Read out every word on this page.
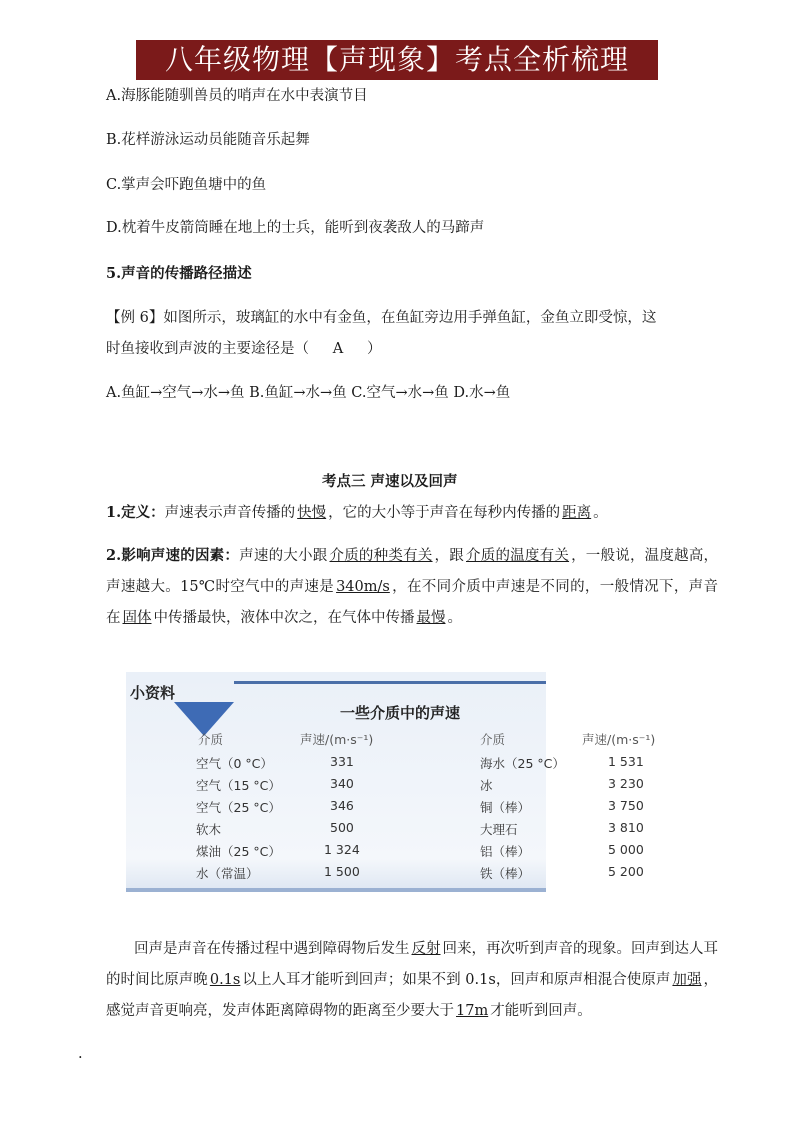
八年级物理【声现象】考点全析梳理
A.海豚能随驯兽员的哨声在水中表演节目
B.花样游泳运动员能随音乐起舞
C.掌声会吓跑鱼塘中的鱼
D.枕着牛皮箭筒睡在地上的士兵，能听到夜袭敌人的马蹄声
5.声音的传播路径描述
【例 6】如图所示，玻璃缸的水中有金鱼，在鱼缸旁边用手弹鱼缸，金鱼立即受惊，这
时鱼接收到声波的主要途径是（ A ）
A.鱼缸→空气→水→鱼 B.鱼缸→水→鱼 C.空气→水→鱼 D.水→鱼
考点三 声速以及回声
1.定义：声速表示声音传播的 快慢 ，它的大小等于声音在每秒内传播的 距离 。
2.影响声速的因素：声速的大小跟 介质的种类有关 ，跟 介质的温度有关 ，一般说，温度越高，声速越大。15℃时空气中的声速是 340m/s ，在不同介质中声速是不同的，一般情况下，声音在 固体 中传播最快，液体中次之，在气体中传播 最慢 。
小资料
一些介质中的声速
介质	声速/(m·s⁻¹)	介质	声速/(m·s⁻¹)
空气（0 °C）	331	海水（25 °C）	1 531
空气（15 °C）	340	冰	3 230
空气（25 °C）	346	铜（棒）	3 750
软木	500	大理石	3 810
煤油（25 °C）	1 324	铝（棒）	5 000
水（常温）	1 500	铁（棒）	5 200
回声是声音在传播过程中遇到障碍物后发生 反射 回来，再次听到声音的现象。回声到达人耳的时间比原声晚 0.1s 以上人耳才能听到回声；如果不到 0.1s，回声和原声相混合使原声 加强 ，感觉声音更响亮，发声体距离障碍物的距离至少要大于 17m 才能听到回声。
.
